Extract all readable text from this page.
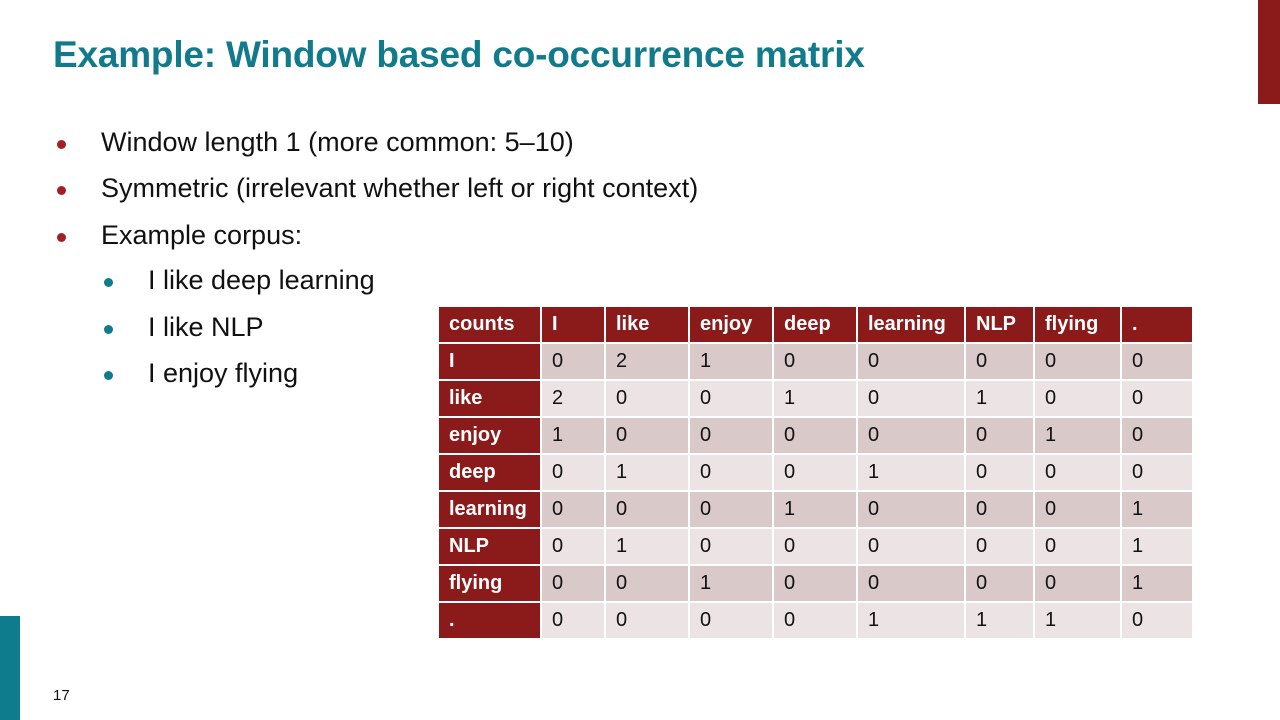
Example: Window based co-occurrence matrix
Window length 1 (more common: 5–10)
Symmetric (irrelevant whether left or right context)
Example corpus:
I like deep learning
I like NLP
I enjoy flying
counts	I	like	enjoy	deep	learning	NLP	flying	.
I	0	2	1	0	0	0	0	0
like	2	0	0	1	0	1	0	0
enjoy	1	0	0	0	0	0	1	0
deep	0	1	0	0	1	0	0	0
learning	0	0	0	1	0	0	0	1
NLP	0	1	0	0	0	0	0	1
flying	0	0	1	0	0	0	0	1
.	0	0	0	0	1	1	1	0
17
